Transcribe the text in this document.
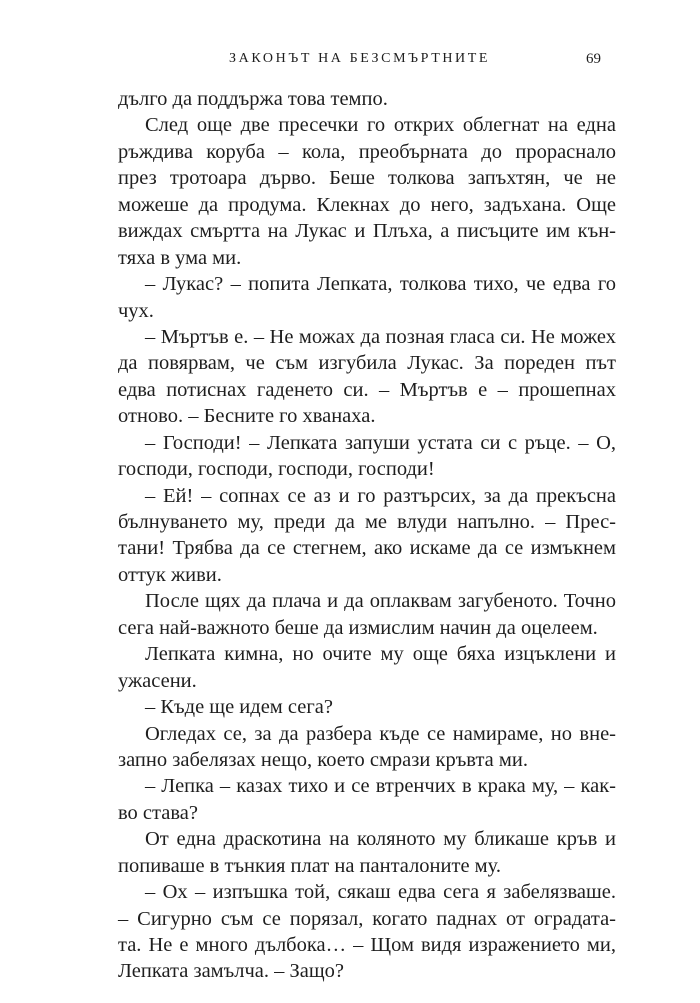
ЗАКОНЪТ НА БЕЗСМЪРТНИТЕ	69
дълго да поддържа това темпо.
След още две пресечки го открих облегнат на една
ръждива коруба – кола, преобърната до прораснало
през тротоара дърво. Беше толкова запъхтян, че не
можеше да продума. Клекнах до него, задъхана. Още
виждах смъртта на Лукас и Плъха, а писъците им кън-
тяха в ума ми.
– Лукас? – попита Лепката, толкова тихо, че едва го
чух.
– Мъртъв е. – Не можах да позная гласа си. Не можех
да повярвам, че съм изгубила Лукас. За пореден път
едва потиснах гаденето си. – Мъртъв е – прошепнах
отново. – Бесните го хванаха.
– Господи! – Лепката запуши устата си с ръце. – О,
господи, господи, господи, господи!
– Ей! – сопнах се аз и го разтърсих, за да прекъсна
бълнуването му, преди да ме влуди напълно. – Прес-
тани! Трябва да се стегнем, ако искаме да се измъкнем
оттук живи.
После щях да плача и да оплаквам загубеното. Точно
сега най-важното беше да измислим начин да оцелеем.
Лепката кимна, но очите му още бяха изцъклени и
ужасени.
– Къде ще идем сега?
Огледах се, за да разбера къде се намираме, но вне-
запно забелязах нещо, което смрази кръвта ми.
– Лепка – казах тихо и се втренчих в крака му, – как-
во става?
От една драскотина на коляното му бликаше кръв и
попиваше в тънкия плат на панталоните му.
– Ох – изпъшка той, сякаш едва сега я забелязваше.
– Сигурно съм се порязал, когато паднах от оградата-
та. Не е много дълбока… – Щом видя изражението ми,
Лепката замълча. – Защо?
